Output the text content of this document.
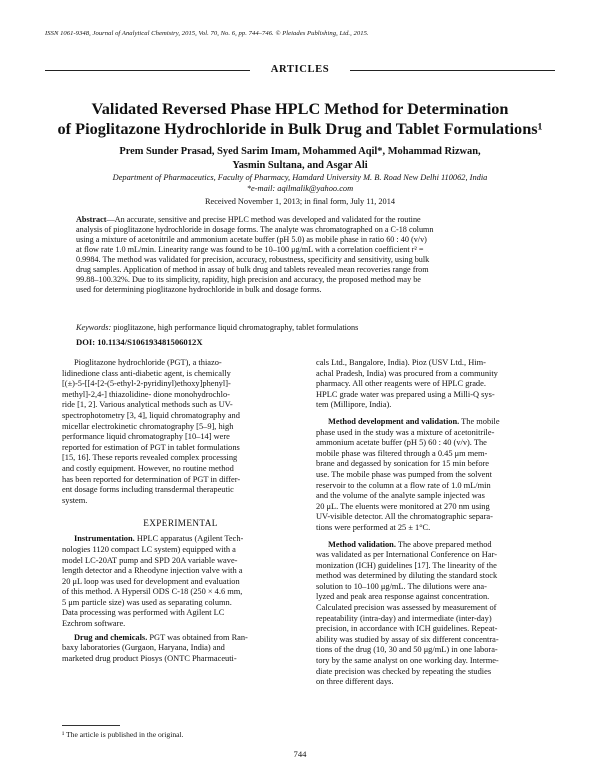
ISSN 1061-9348, Journal of Analytical Chemistry, 2015, Vol. 70, No. 6, pp. 744–746. © Pleiades Publishing, Ltd., 2015.
ARTICLES
Validated Reversed Phase HPLC Method for Determination
of Pioglitazone Hydrochloride in Bulk Drug and Tablet Formulations¹
Prem Sunder Prasad, Syed Sarim Imam, Mohammed Aqil*, Mohammad Rizwan,
Yasmin Sultana, and Asgar Ali
Department of Pharmaceutics, Faculty of Pharmacy, Hamdard University M. B. Road New Delhi 110062, India
*e-mail: aqilmalik@yahoo.com
Received November 1, 2013; in final form, July 11, 2014
Abstract—An accurate, sensitive and precise HPLC method was developed and validated for the routine
analysis of pioglitazone hydrochloride in dosage forms. The analyte was chromatographed on a C-18 column
using a mixture of acetonitrile and ammonium acetate buffer (pH 5.0) as mobile phase in ratio 60 : 40 (v/v)
at flow rate 1.0 mL/min. Linearity range was found to be 10–100 μg/mL with a correlation coefficient r² =
0.9984. The method was validated for precision, accuracy, robustness, specificity and sensitivity, using bulk
drug samples. Application of method in assay of bulk drug and tablets revealed mean recoveries range from
99.88–100.32%. Due to its simplicity, rapidity, high precision and accuracy, the proposed method may be
used for determining pioglitazone hydrochloride in bulk and dosage forms.
Keywords: pioglitazone, high performance liquid chromatography, tablet formulations
DOI: 10.1134/S106193481506012X
Pioglitazone hydrochloride (PGT), a thiazo-
lidinedione class anti-diabetic agent, is chemically
[(±)-5-[[4-[2-(5-ethyl-2-pyridinyl)ethoxy]phenyl]-
methyl]-2,4-] thiazolidine- dione monohydrochlo-
ride [1, 2]. Various analytical methods such as UV-
spectrophotometry [3, 4], liquid chromatography and
micellar electrokinetic chromatography [5–9], high
performance liquid chromatography [10–14] were
reported for estimation of PGT in tablet formulations
[15, 16]. These reports revealed complex processing
and costly equipment. However, no routine method
has been reported for determination of PGT in differ-
ent dosage forms including transdermal therapeutic
system.
EXPERIMENTAL
Instrumentation. HPLC apparatus (Agilent Tech-
nologies 1120 compact LC system) equipped with a
model LC-20AT pump and SPD 20A variable wave-
length detector and a Rheodyne injection valve with a
20 μL loop was used for development and evaluation
of this method. A Hypersil ODS C-18 (250 × 4.6 mm,
5 μm particle size) was used as separating column.
Data processing was performed with Agilent LC
Ezchrom software.
Drug and chemicals. PGT was obtained from Ran-
baxy laboratories (Gurgaon, Haryana, India) and
marketed drug product Piosys (ONTC Pharmaceuti-
cals Ltd., Bangalore, India). Pioz (USV Ltd., Him-
achal Pradesh, India) was procured from a community
pharmacy. All other reagents were of HPLC grade.
HPLC grade water was prepared using a Milli-Q sys-
tem (Millipore, India).
Method development and validation. The mobile
phase used in the study was a mixture of acetonitrile-
ammonium acetate buffer (pH 5) 60 : 40 (v/v). The
mobile phase was filtered through a 0.45 μm mem-
brane and degassed by sonication for 15 min before
use. The mobile phase was pumped from the solvent
reservoir to the column at a flow rate of 1.0 mL/min
and the volume of the analyte sample injected was
20 μL. The eluents were monitored at 270 nm using
UV-visible detector. All the chromatographic separa-
tions were performed at 25 ± 1°C.
Method validation. The above prepared method
was validated as per International Conference on Har-
monization (ICH) guidelines [17]. The linearity of the
method was determined by diluting the standard stock
solution to 10–100 μg/mL. The dilutions were ana-
lyzed and peak area response against concentration.
Calculated precision was assessed by measurement of
repeatability (intra-day) and intermediate (inter-day)
precision, in accordance with ICH guidelines. Repeat-
ability was studied by assay of six different concentra-
tions of the drug (10, 30 and 50 μg/mL) in one labora-
tory by the same analyst on one working day. Interme-
diate precision was checked by repeating the studies
on three different days.
¹ The article is published in the original.
744
